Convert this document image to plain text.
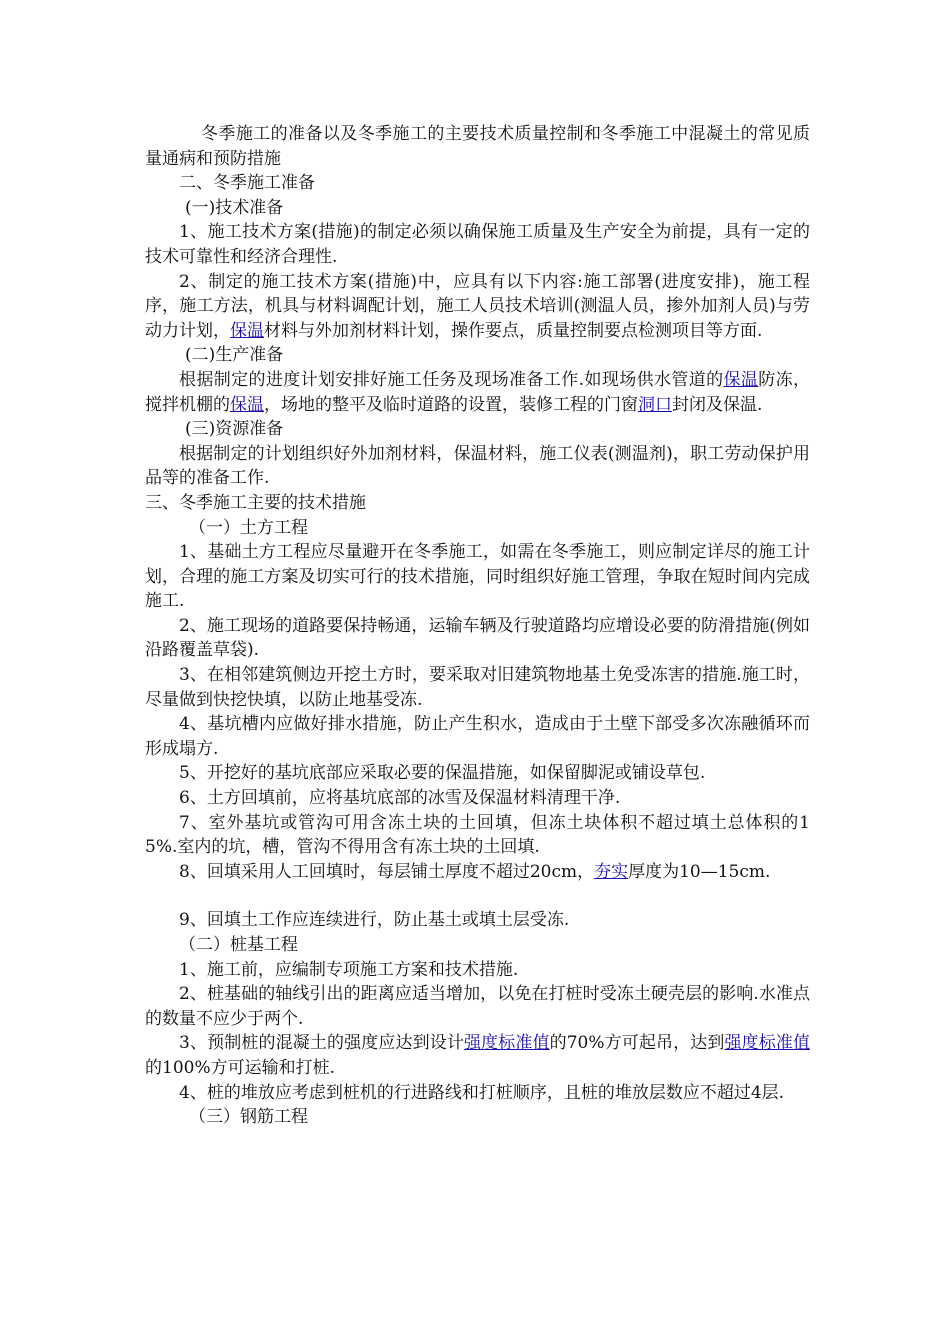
冬季施工的准备以及冬季施工的主要技术质量控制和冬季施工中混凝土的常见质量通病和预防措施

二、冬季施工准备

(一)技术准备

1、施工技术方案(措施)的制定必须以确保施工质量及生产安全为前提，具有一定的技术可靠性和经济合理性.

2、制定的施工技术方案(措施)中，应具有以下内容:施工部署(进度安排)，施工程序，施工方法，机具与材料调配计划，施工人员技术培训(测温人员，掺外加剂人员)与劳动力计划，保温材料与外加剂材料计划，操作要点，质量控制要点检测项目等方面.

(二)生产准备

根据制定的进度计划安排好施工任务及现场准备工作.如现场供水管道的保温防冻，搅拌机棚的保温，场地的整平及临时道路的设置，装修工程的门窗洞口封闭及保温.

(三)资源准备

根据制定的计划组织好外加剂材料，保温材料，施工仪表(测温剂)，职工劳动保护用品等的准备工作.

三、冬季施工主要的技术措施

（一）土方工程

1、基础土方工程应尽量避开在冬季施工，如需在冬季施工，则应制定详尽的施工计划，合理的施工方案及切实可行的技术措施，同时组织好施工管理，争取在短时间内完成施工.

2、施工现场的道路要保持畅通，运输车辆及行驶道路均应增设必要的防滑措施(例如沿路覆盖草袋).

3、在相邻建筑侧边开挖土方时，要采取对旧建筑物地基土免受冻害的措施.施工时，尽量做到快挖快填，以防止地基受冻.

4、基坑槽内应做好排水措施，防止产生积水，造成由于土壁下部受多次冻融循环而形成塌方.

5、开挖好的基坑底部应采取必要的保温措施，如保留脚泥或铺设草包.

6、土方回填前，应将基坑底部的冰雪及保温材料清理干净.

7、室外基坑或管沟可用含冻土块的土回填，但冻土块体积不超过填土总体积的15%.室内的坑，槽，管沟不得用含有冻土块的土回填.

8、回填采用人工回填时，每层铺土厚度不超过20cm，夯实厚度为10—15cm.

9、回填土工作应连续进行，防止基土或填土层受冻.

（二）桩基工程

1、施工前，应编制专项施工方案和技术措施.

2、桩基础的轴线引出的距离应适当增加，以免在打桩时受冻土硬壳层的影响.水准点的数量不应少于两个.

3、预制桩的混凝土的强度应达到设计强度标准值的70%方可起吊，达到强度标准值的100%方可运输和打桩.

4、桩的堆放应考虑到桩机的行进路线和打桩顺序，且桩的堆放层数应不超过4层.

（三）钢筋工程
